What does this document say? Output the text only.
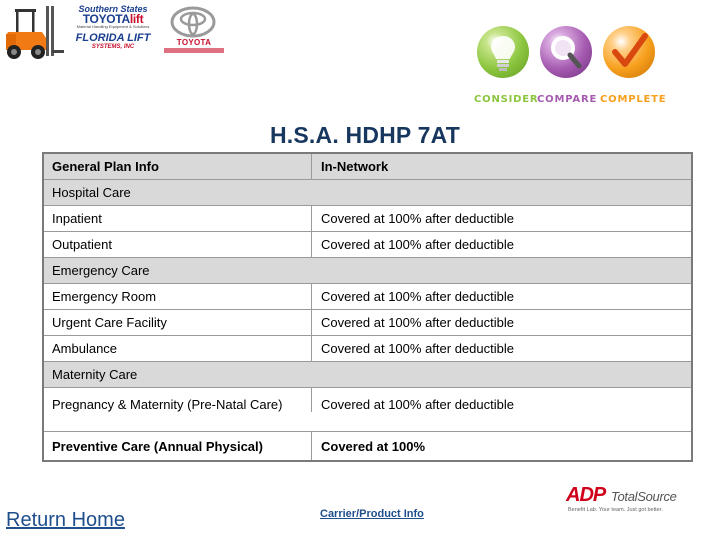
Southern States
TOYOTAlift
Material Handling Equipment & Solutions
FLORIDA LIFT
SYSTEMS, INC	TOYOTA
CONSIDER
COMPARE COMPLETE
H.S.A. HDHP 7AT
General Plan Info	In-Network
Hospital Care
Inpatient	Covered at 100% after deductible
Outpatient	Covered at 100% after deductible
Emergency Care
Emergency Room	Covered at 100% after deductible
Urgent Care Facility	Covered at 100% after deductible
Ambulance	Covered at 100% after deductible
Maternity Care
Pregnancy & Maternity (Pre-Natal Care)	Covered at 100% after deductible
Preventive Care (Annual Physical)	Covered at 100%
Return Home	Carrier/Product Info
ADP TotalSource
Benefit Lab. Your team. Just got better.
